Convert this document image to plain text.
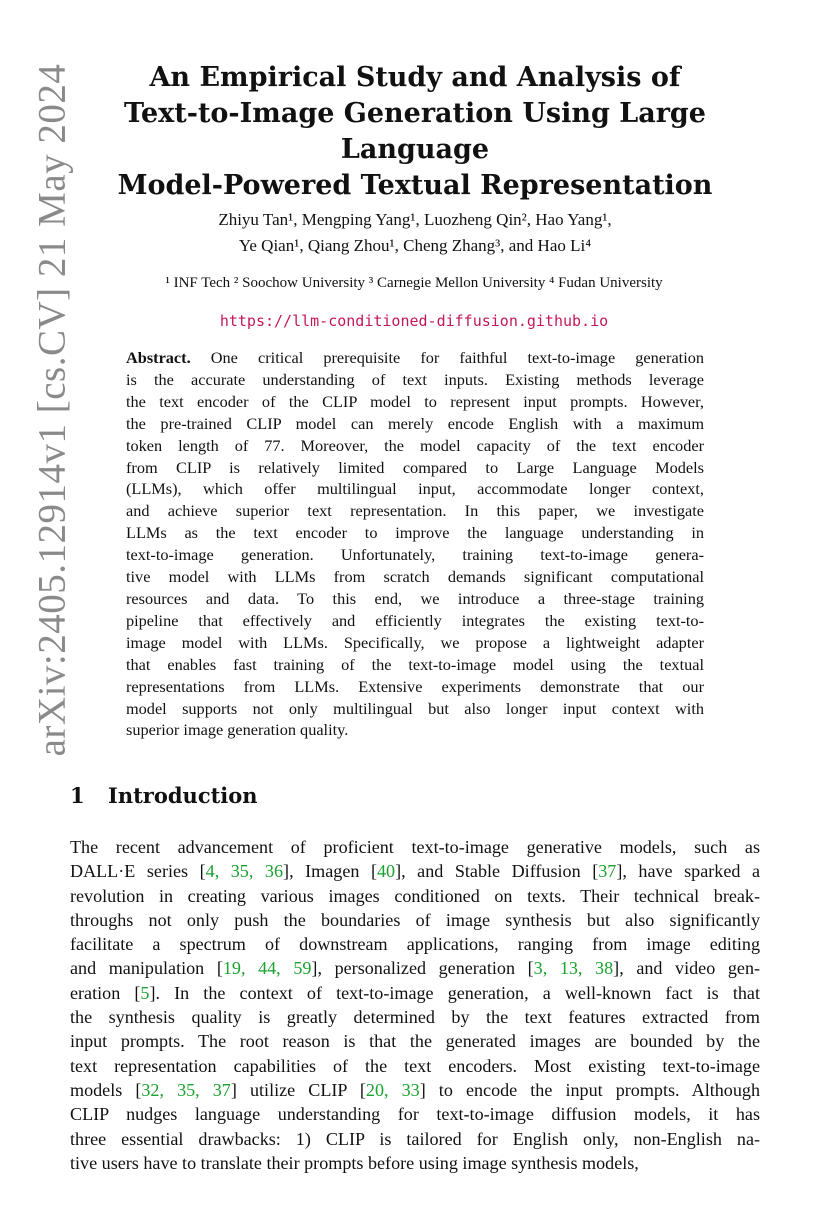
arXiv:2405.12914v1 [cs.CV] 21 May 2024	An Empirical Study and Analysis of
Text-to-Image Generation Using Large Language
Model-Powered Textual Representation
Zhiyu Tan¹, Mengping Yang¹, Luozheng Qin², Hao Yang¹,
Ye Qian¹, Qiang Zhou¹, Cheng Zhang³, and Hao Li⁴
¹ INF Tech ² Soochow University ³ Carnegie Mellon University ⁴ Fudan University
https://llm-conditioned-diffusion.github.io
Abstract. One critical prerequisite for faithful text-to-image generation
is the accurate understanding of text inputs. Existing methods leverage
the text encoder of the CLIP model to represent input prompts. However,
the pre-trained CLIP model can merely encode English with a maximum
token length of 77. Moreover, the model capacity of the text encoder
from CLIP is relatively limited compared to Large Language Models
(LLMs), which offer multilingual input, accommodate longer context,
and achieve superior text representation. In this paper, we investigate
LLMs as the text encoder to improve the language understanding in
text-to-image generation. Unfortunately, training text-to-image genera-
tive model with LLMs from scratch demands significant computational
resources and data. To this end, we introduce a three-stage training
pipeline that effectively and efficiently integrates the existing text-to-
image model with LLMs. Specifically, we propose a lightweight adapter
that enables fast training of the text-to-image model using the textual
representations from LLMs. Extensive experiments demonstrate that our
model supports not only multilingual but also longer input context with
superior image generation quality.
1 Introduction
The recent advancement of proficient text-to-image generative models, such as
DALL·E series [4, 35, 36], Imagen [40], and Stable Diffusion [37], have sparked a
revolution in creating various images conditioned on texts. Their technical break-
throughs not only push the boundaries of image synthesis but also significantly
facilitate a spectrum of downstream applications, ranging from image editing
and manipulation [19, 44, 59], personalized generation [3, 13, 38], and video gen-
eration [5]. In the context of text-to-image generation, a well-known fact is that
the synthesis quality is greatly determined by the text features extracted from
input prompts. The root reason is that the generated images are bounded by the
text representation capabilities of the text encoders. Most existing text-to-image
models [32, 35, 37] utilize CLIP [20, 33] to encode the input prompts. Although
CLIP nudges language understanding for text-to-image diffusion models, it has
three essential drawbacks: 1) CLIP is tailored for English only, non-English na-
tive users have to translate their prompts before using image synthesis models,
